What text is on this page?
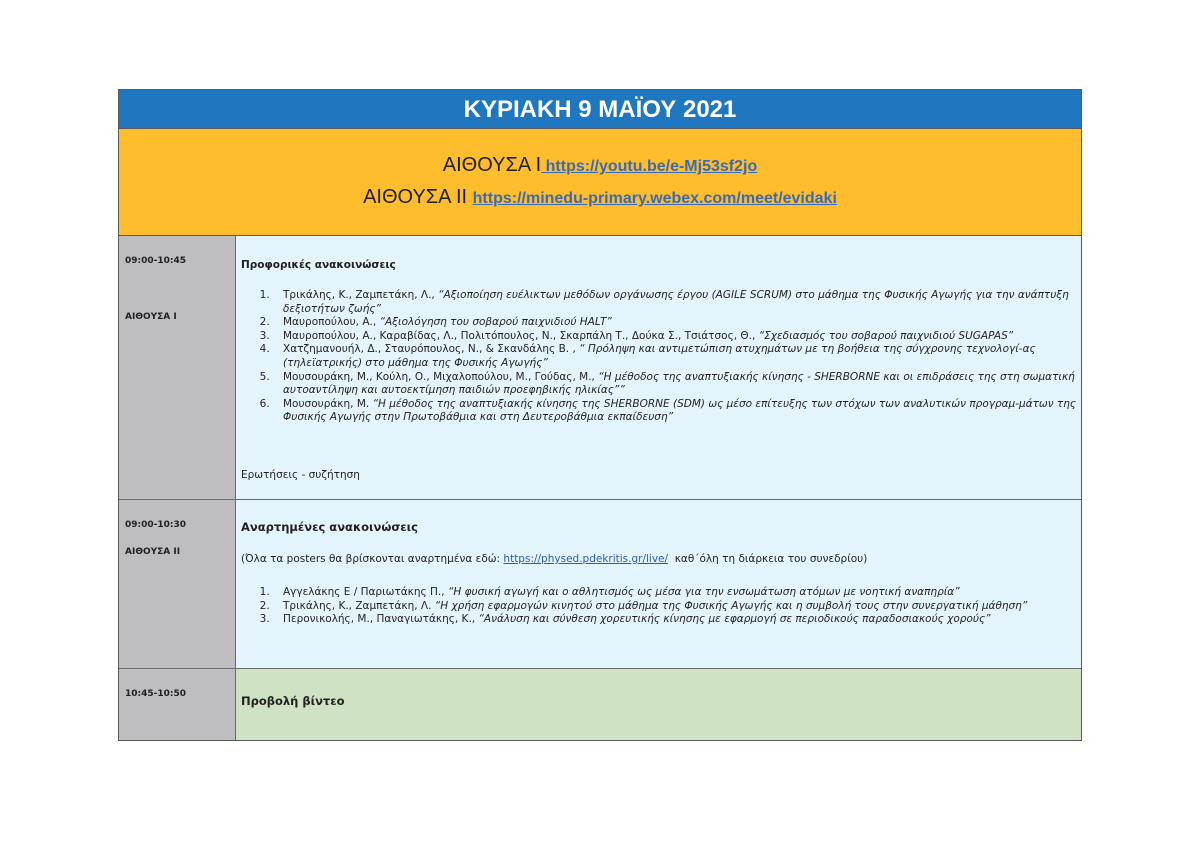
ΚΥΡΙΑΚΗ 9 ΜΑΪΟΥ 2021
ΑΙΘΟΥΣΑ Ι https://youtu.be/e-Mj53sf2jo
ΑΙΘΟΥΣΑ ΙΙ https://minedu-primary.webex.com/meet/evidaki
09:00-10:45
ΑΙΘΟΥΣΑ Ι
Προφορικές ανακοινώσεις
1. Τρικάλης, Κ., Ζαμπετάκη, Λ., “Αξιοποίηση ευέλικτων μεθόδων οργάνωσης έργου (AGILE SCRUM) στο μάθημα της Φυσικής Αγωγής για την ανάπτυξη δεξιοτήτων ζωής”
2. Μαυροπούλου, Α., “Αξιολόγηση του σοβαρού παιχνιδιού HALT”
3. Μαυροπούλου, Α., Καραβίδας, Λ., Πολιτόπουλος, Ν., Σκαρπάλη Τ., Δούκα Σ., Τσιάτσος, Θ., “Σχεδιασμός του σοβαρού παιχνιδιού SUGAPAS”
4. Χατζημανουήλ, Δ., Σταυρόπουλος, Ν., & Σκανδάλης Β. , “ Πρόληψη και αντιμετώπιση ατυχημάτων με τη βοήθεια της σύγχρονης τεχνολογί-ας (τηλεϊατρικής) στο μάθημα της Φυσικής Αγωγής”
5. Μουσουράκη, Μ., Κούλη, Ο., Μιχαλοπούλου, Μ., Γούδας, Μ., “Η μέθοδος της αναπτυξιακής κίνησης - SHERBORNE και οι επιδράσεις της στη σωματική αυτοαντίληψη και αυτοεκτίμηση παιδιών προεφηβικής ηλικίας””
6. Μουσουράκη, Μ. “Η μέθοδος της αναπτυξιακής κίνησης της SHERBORNE (SDM) ως μέσο επίτευξης των στόχων των αναλυτικών προγραμ-μάτων της Φυσικής Αγωγής στην Πρωτοβάθμια και στη Δευτεροβάθμια εκπαίδευση”
Ερωτήσεις - συζήτηση
09:00-10:30
ΑΙΘΟΥΣΑ ΙΙ
Αναρτημένες ανακοινώσεις
(Όλα τα posters θα βρίσκονται αναρτημένα εδώ: https://physed.pdekritis.gr/live/  καθ΄όλη τη διάρκεια του συνεδρίου)
1. Αγγελάκης Ε / Παριωτάκης Π., “Η φυσική αγωγή και ο αθλητισμός ως μέσα για την ενσωμάτωση ατόμων με νοητική αναπηρία”
2. Τρικάλης, Κ., Ζαμπετάκη, Λ. “Η χρήση εφαρμογών κινητού στο μάθημα της Φυσικής Αγωγής και η συμβολή τους στην συνεργατική μάθηση”
3. Περονικολής, Μ., Παναγιωτάκης, Κ., “Ανάλυση και σύνθεση χορευτικής κίνησης με εφαρμογή σε περιοδικούς παραδοσιακούς χορούς”
10:45-10:50	Προβολή βίντεο
